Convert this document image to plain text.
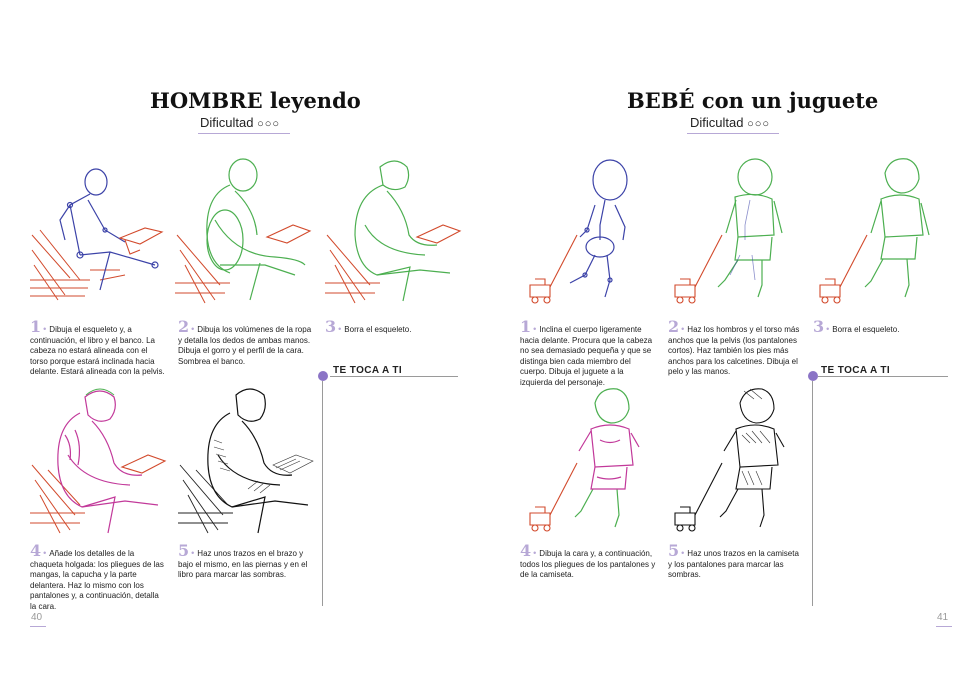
HOMBRE leyendo
Dificultad ○○○
1 • Dibuja el esqueleto y, a continuación, el libro y el banco. La cabeza no estará alineada con el torso porque estará inclinada hacia delante. Estará alineada con la pelvis.
2 • Dibuja los volúmenes de la ropa y detalla los dedos de ambas manos. Dibuja el gorro y el perfil de la cara. Sombrea el banco.
3 • Borra el esqueleto.
TE TOCA A TI
4 • Añade los detalles de la chaqueta holgada: los pliegues de las mangas, la capucha y la parte delantera. Haz lo mismo con los pantalones y, a continuación, detalla la cara.
5 • Haz unos trazos en el brazo y bajo el mismo, en las piernas y en el libro para marcar las sombras.
40
BEBÉ con un juguete
Dificultad ○○○
1 • Inclina el cuerpo ligeramente hacia delante. Procura que la cabeza no sea demasiado pequeña y que se distinga bien cada miembro del cuerpo. Dibuja el juguete a la izquierda del personaje.
2 • Haz los hombros y el torso más anchos que la pelvis (los pantalones cortos). Haz también los pies más anchos para los calcetines. Dibuja el pelo y las manos.
3 • Borra el esqueleto.
TE TOCA A TI
4 • Dibuja la cara y, a continuación, todos los pliegues de los pantalones y de la camiseta.
5 • Haz unos trazos en la camiseta y los pantalones para marcar las sombras.
41
